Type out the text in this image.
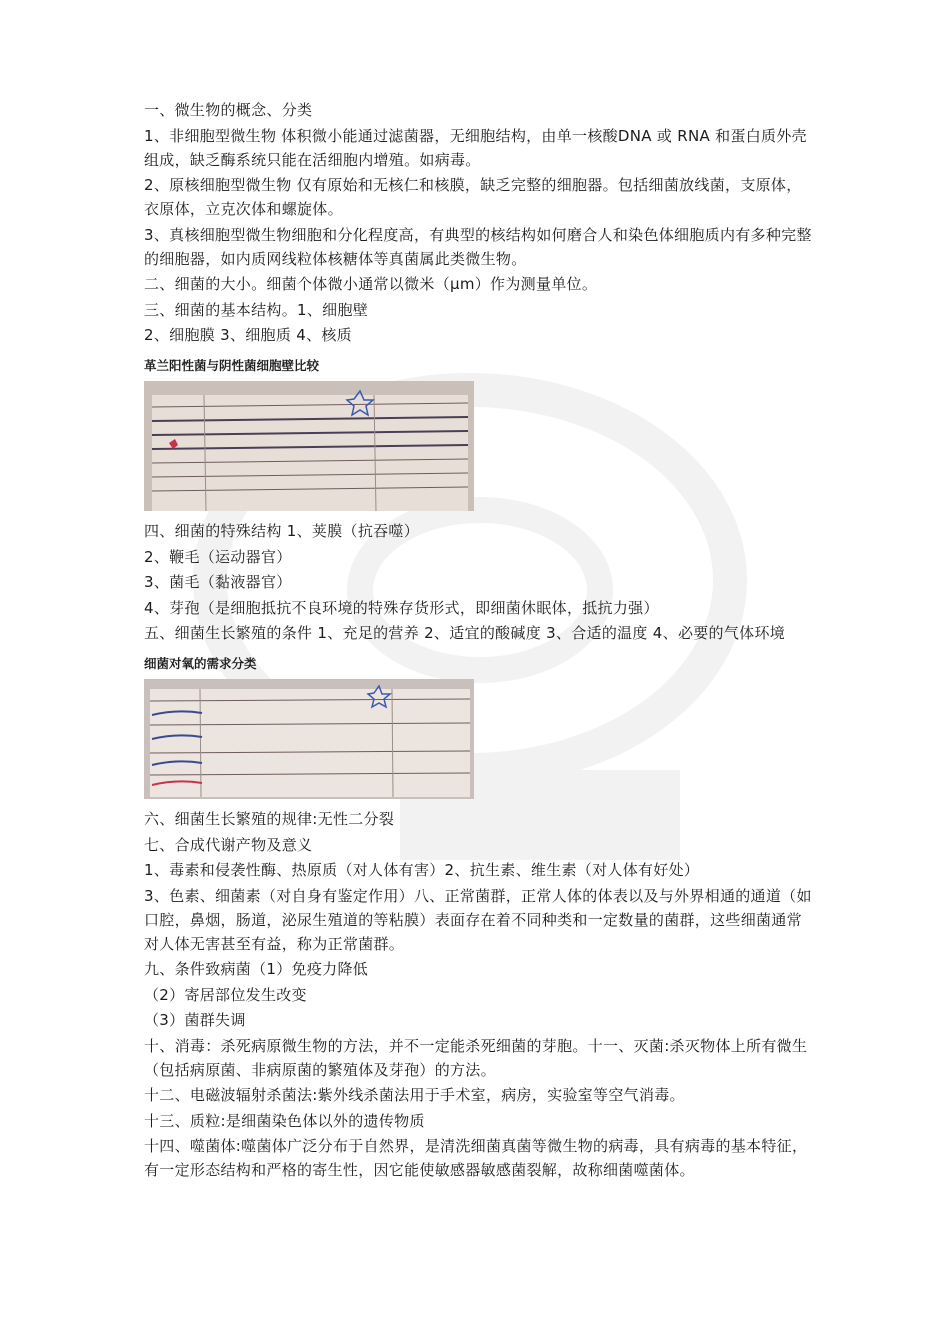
一、微生物的概念、分类

1、非细胞型微生物 体积微小能通过滤菌器，无细胞结构，由单一核酸DNA 或 RNA 和蛋白质外壳组成，缺乏酶系统只能在活细胞内增殖。如病毒。

2、原核细胞型微生物 仅有原始和无核仁和核膜，缺乏完整的细胞器。包括细菌放线菌，支原体，衣原体，立克次体和螺旋体。

3、真核细胞型微生物细胞和分化程度高，有典型的核结构如何磨合人和染色体细胞质内有多种完整的细胞器，如内质网线粒体核糖体等真菌属此类微生物。

二、细菌的大小。细菌个体微小通常以微米（μm）作为测量单位。

三、细菌的基本结构。1、细胞壁

2、细胞膜 3、细胞质 4、核质

革兰阳性菌与阴性菌细胞壁比较

四、细菌的特殊结构 1、荚膜（抗吞噬）

2、鞭毛（运动器官）

3、菌毛（黏液器官）

4、芽孢（是细胞抵抗不良环境的特殊存货形式，即细菌休眠体，抵抗力强）

五、细菌生长繁殖的条件 1、充足的营养 2、适宜的酸碱度 3、合适的温度 4、必要的气体环境

细菌对氧的需求分类

六、细菌生长繁殖的规律:无性二分裂

七、合成代谢产物及意义

1、毒素和侵袭性酶、热原质（对人体有害）2、抗生素、维生素（对人体有好处）

3、色素、细菌素（对自身有鉴定作用）八、正常菌群，正常人体的体表以及与外界相通的通道（如口腔，鼻烟，肠道，泌尿生殖道的等粘膜）表面存在着不同种类和一定数量的菌群，这些细菌通常对人体无害甚至有益，称为正常菌群。

九、条件致病菌（1）免疫力降低

（2）寄居部位发生改变

（3）菌群失调

十、消毒：杀死病原微生物的方法，并不一定能杀死细菌的芽胞。十一、灭菌:杀灭物体上所有微生（包括病原菌、非病原菌的繁殖体及芽孢）的方法。

十二、电磁波辐射杀菌法:紫外线杀菌法用于手术室，病房，实验室等空气消毒。

十三、质粒:是细菌染色体以外的遗传物质

十四、噬菌体:噬菌体广泛分布于自然界，是清洗细菌真菌等微生物的病毒，具有病毒的基本特征，有一定形态结构和严格的寄生性，因它能使敏感器敏感菌裂解，故称细菌噬菌体。
